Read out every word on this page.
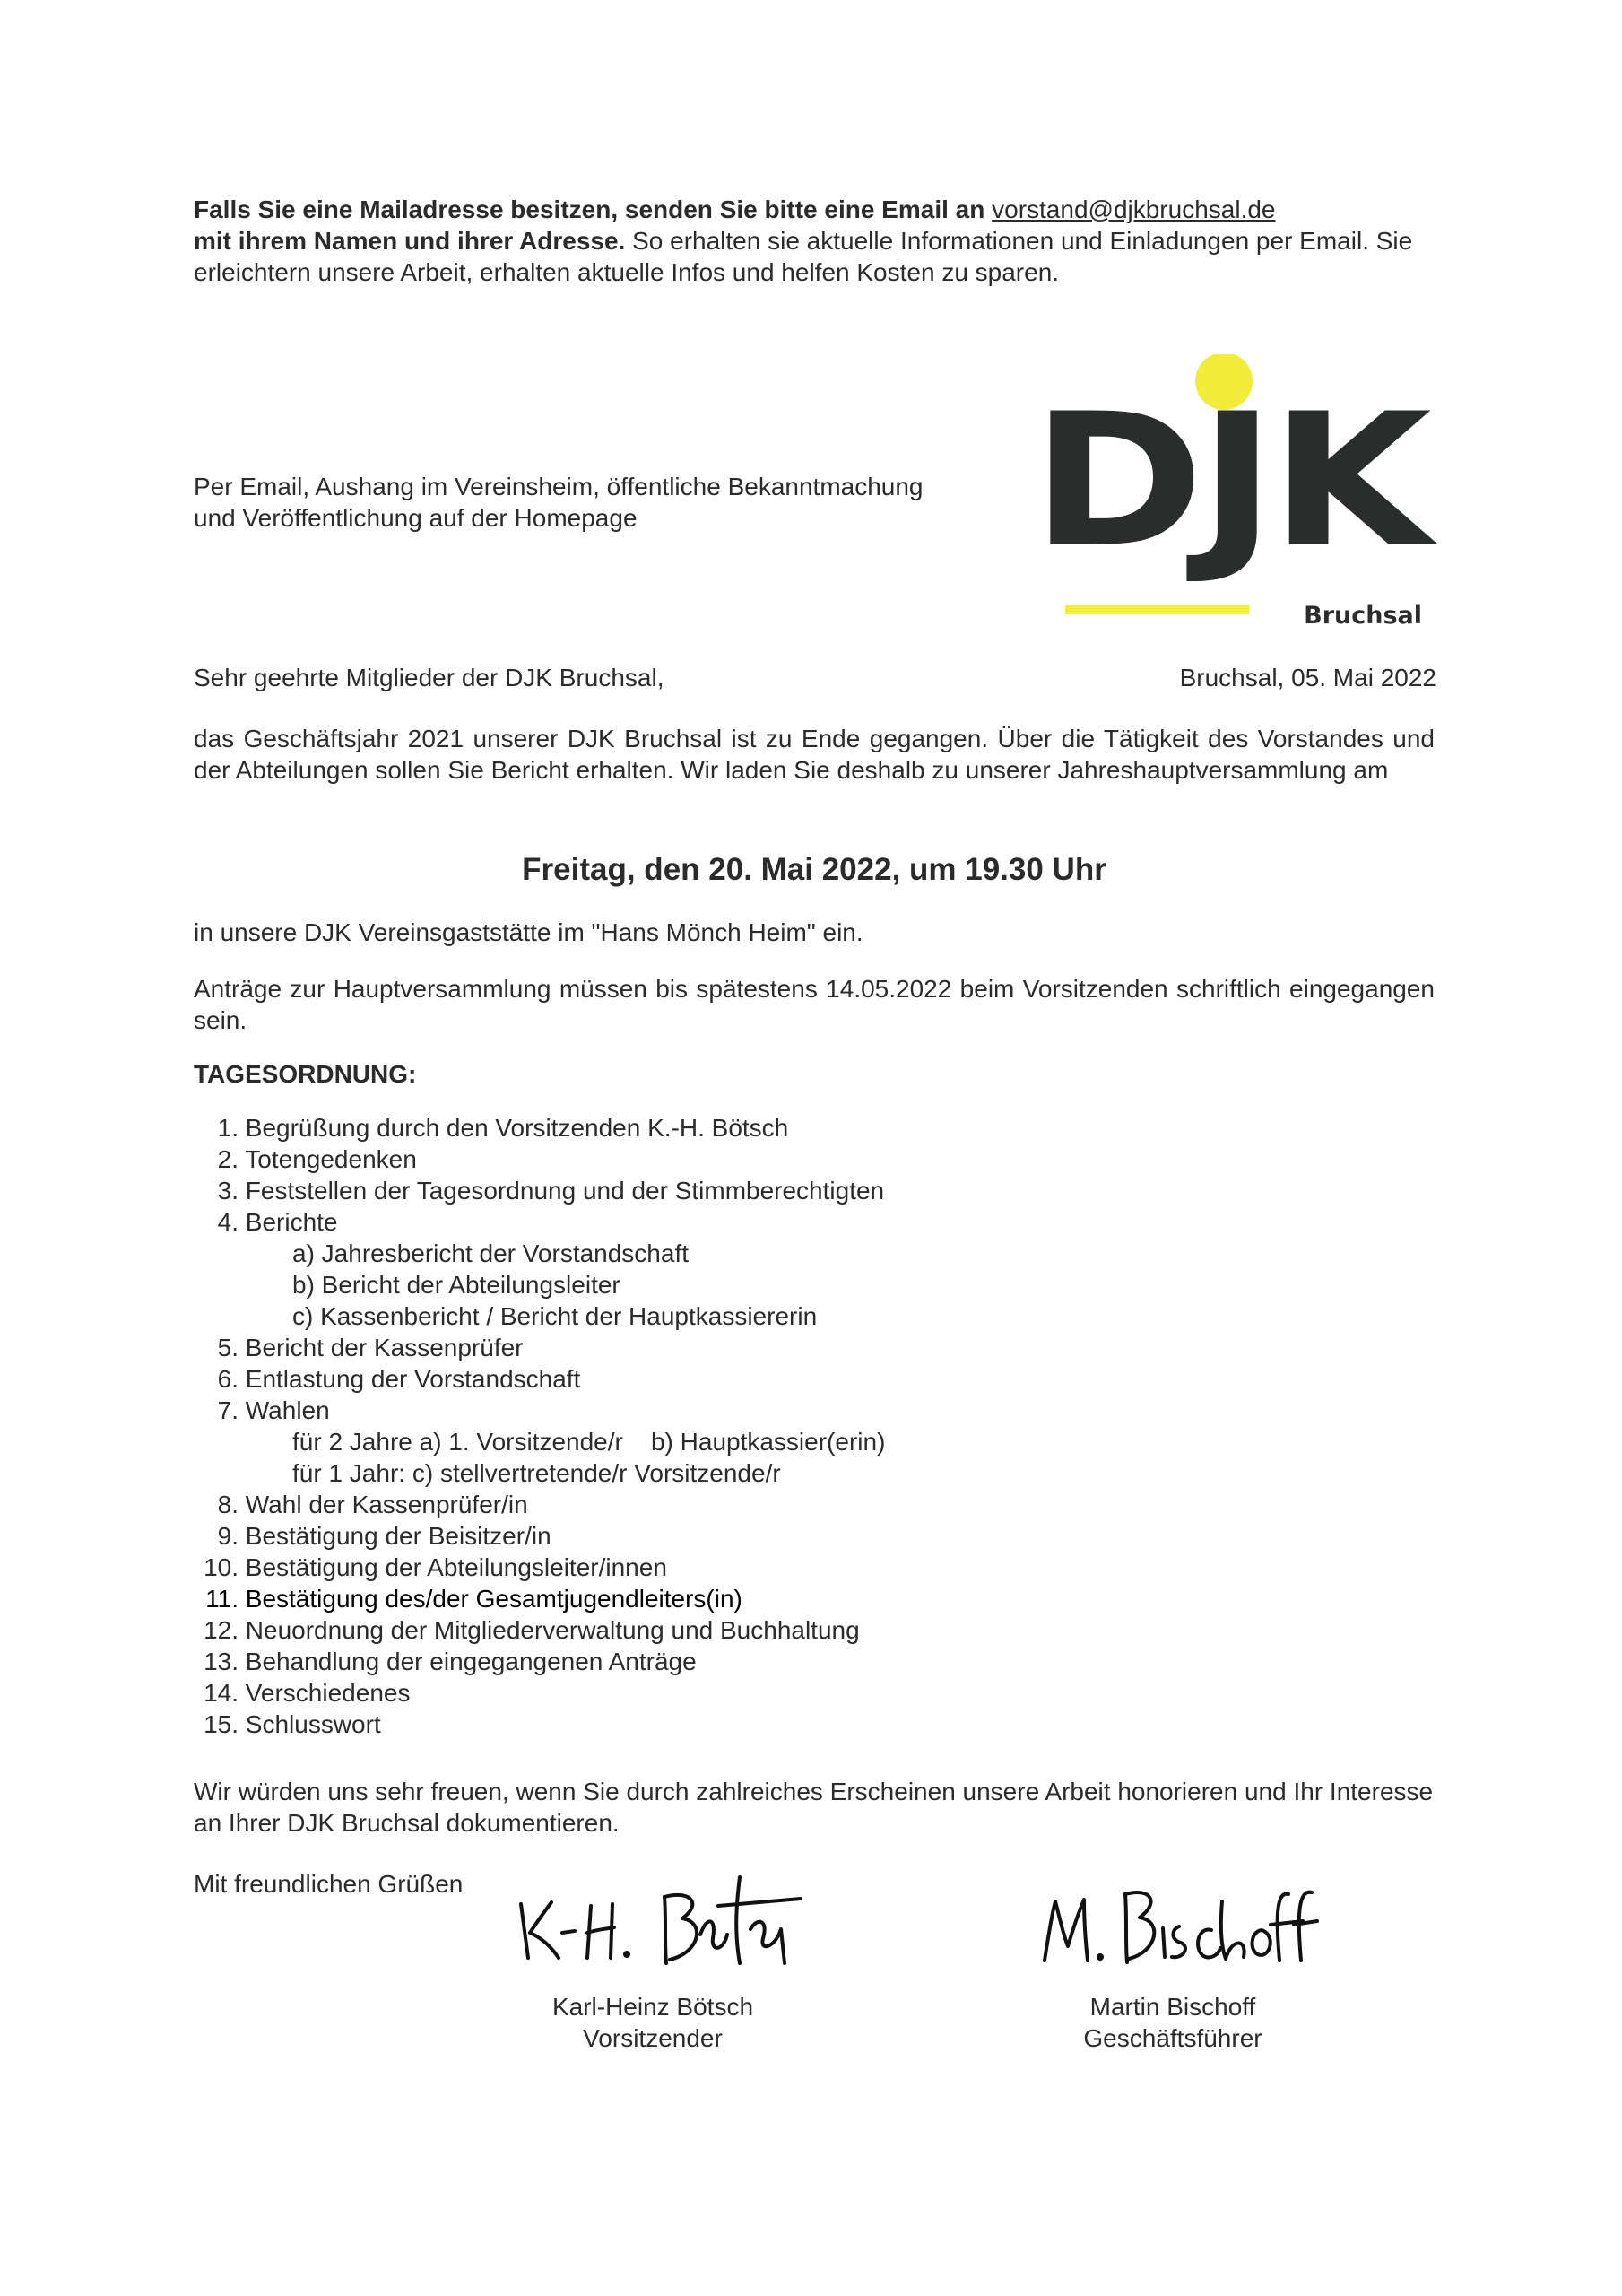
Falls Sie eine Mailadresse besitzen, senden Sie bitte eine Email an vorstand@djkbruchsal.de
mit ihrem Namen und ihrer Adresse. So erhalten sie aktuelle Informationen und Einladungen per Email. Sie erleichtern unsere Arbeit, erhalten aktuelle Infos und helfen Kosten zu sparen.
Per Email, Aushang im Vereinsheim, öffentliche Bekanntmachung
und Veröffentlichung auf der Homepage	DJK
Bruchsal
Sehr geehrte Mitglieder der DJK Bruchsal,	Bruchsal, 05. Mai 2022
das Geschäftsjahr 2021 unserer DJK Bruchsal ist zu Ende gegangen. Über die Tätigkeit des Vorstandes und der Abteilungen sollen Sie Bericht erhalten. Wir laden Sie deshalb zu unserer Jahreshauptversammlung am
Freitag, den 20. Mai 2022, um 19.30 Uhr
in unsere DJK Vereinsgaststätte im "Hans Mönch Heim" ein.
Anträge zur Hauptversammlung müssen bis spätestens 14.05.2022 beim Vorsitzenden schriftlich eingegangen sein.
TAGESORDNUNG:
1. Begrüßung durch den Vorsitzenden K.-H. Bötsch
2. Totengedenken
3. Feststellen der Tagesordnung und der Stimmberechtigten
4. Berichte
a) Jahresbericht der Vorstandschaft
b) Bericht der Abteilungsleiter
c) Kassenbericht / Bericht der Hauptkassiererin
5. Bericht der Kassenprüfer
6. Entlastung der Vorstandschaft
7. Wahlen
für 2 Jahre a) 1. Vorsitzende/r    b) Hauptkassier(erin)
für 1 Jahr: c) stellvertretende/r Vorsitzende/r
8. Wahl der Kassenprüfer/in
9. Bestätigung der Beisitzer/in
10. Bestätigung der Abteilungsleiter/innen
11. Bestätigung des/der Gesamtjugendleiters(in)
12. Neuordnung der Mitgliederverwaltung und Buchhaltung
13. Behandlung der eingegangenen Anträge
14. Verschiedenes
15. Schlusswort
Wir würden uns sehr freuen, wenn Sie durch zahlreiches Erscheinen unsere Arbeit honorieren und Ihr Interesse an Ihrer DJK Bruchsal dokumentieren.
Mit freundlichen Grüßen
Karl-Heinz Bötsch
Vorsitzender
Martin Bischoff
Geschäftsführer
